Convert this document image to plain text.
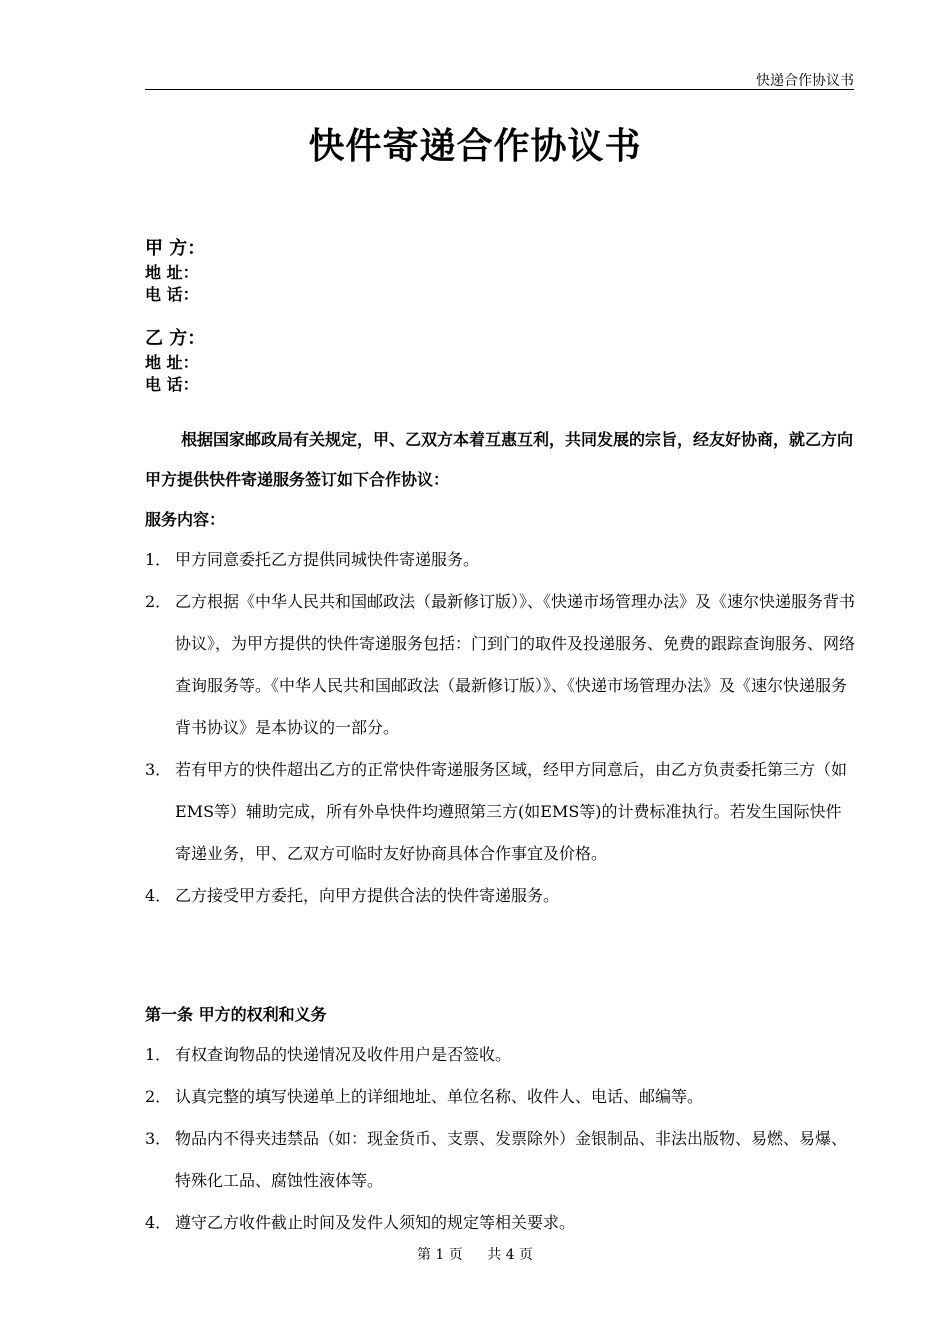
快递合作协议书
快件寄递合作协议书
甲 方：
地 址：
电 话：
乙 方：
地 址：
电 话：

根据国家邮政局有关规定，甲、乙双方本着互惠互利，共同发展的宗旨，经友好协商，就乙方向甲方提供快件寄递服务签订如下合作协议：

服务内容：
1． 甲方同意委托乙方提供同城快件寄递服务。
2． 乙方根据《中华人民共和国邮政法（最新修订版）》、《快递市场管理办法》及《速尔快递服务背书协议》，为甲方提供的快件寄递服务包括：门到门的取件及投递服务、免费的跟踪查询服务、网络查询服务等。《中华人民共和国邮政法（最新修订版）》、《快递市场管理办法》及《速尔快递服务背书协议》是本协议的一部分。
3． 若有甲方的快件超出乙方的正常快件寄递服务区域，经甲方同意后，由乙方负责委托第三方（如EMS等）辅助完成，所有外阜快件均遵照第三方(如EMS等)的计费标准执行。若发生国际快件寄递业务，甲、乙双方可临时友好协商具体合作事宜及价格。
4． 乙方接受甲方委托，向甲方提供合法的快件寄递服务。
第一条 甲方的权利和义务
1． 有权查询物品的快递情况及收件用户是否签收。
2． 认真完整的填写快递单上的详细地址、单位名称、收件人、电话、邮编等。
3． 物品内不得夹违禁品（如：现金货币、支票、发票除外）金银制品、非法出版物、易燃、易爆、特殊化工品、腐蚀性液体等。
4． 遵守乙方收件截止时间及发件人须知的规定等相关要求。
第 1 页 共 4 页
